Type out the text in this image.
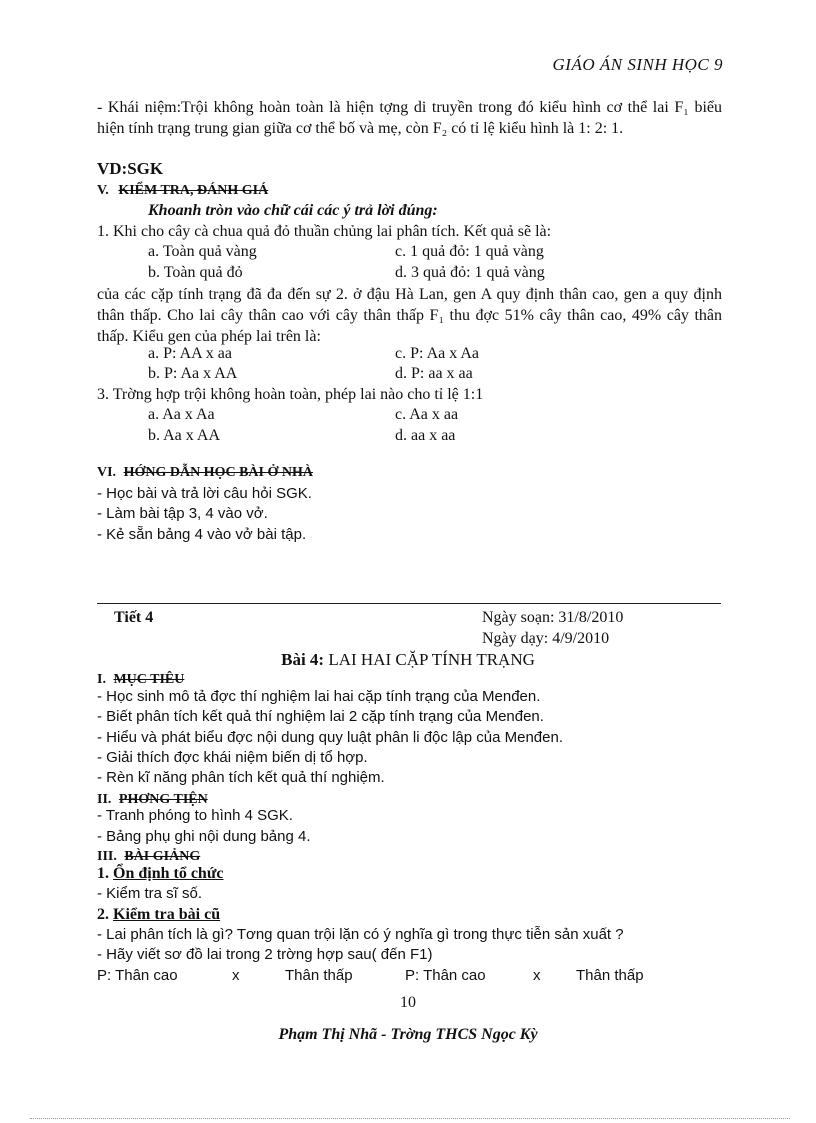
GIÁO ÁN SINH HỌC 9
- Khái niệm:Trội không hoàn toàn là hiện tợng di truyền trong đó kiểu hình cơ thể lai F₁ biểu hiện tính trạng trung gian giữa cơ thể bố và mẹ, còn F₂ có tỉ lệ kiểu hình là 1: 2: 1.
VD:SGK
V. KIỂM TRA, ĐÁNH GIÁ
Khoanh tròn vào chữ cái các ý trả lời đúng:
1. Khi cho cây cà chua quả đỏ thuần chủng lai phân tích. Kết quả sẽ là:
a. Toàn quả vàng	c. 1 quả đỏ: 1 quả vàng
b. Toàn quả đỏ	d. 3 quả đỏ: 1 quả vàng
của các cặp tính trạng đã đa đến sự 2. ở đậu Hà Lan, gen A quy định thân cao, gen a quy định thân thấp. Cho lai cây thân cao với cây thân thấp F₁ thu đợc 51% cây thân cao, 49% cây thân thấp. Kiểu gen của phép lai trên là:
a. P: AA x aa	c. P: Aa x Aa
b. P: Aa x AA	d. P: aa x aa
3. Trờng hợp trội không hoàn toàn, phép lai nào cho tỉ lệ 1:1
a. Aa x Aa	c. Aa x aa
b. Aa x AA	d. aa x aa
VI. HỚNG DẪN HỌC BÀI Ở NHÀ
- Học bài và trả lời câu hỏi SGK.
- Làm bài tập 3, 4 vào vở.
- Kẻ sẵn bảng 4 vào vở bài tập.
Tiết 4	Ngày soạn: 31/8/2010
Ngày dạy: 4/9/2010
Bài 4: LAI HAI CẶP TÍNH TRẠNG
I. MỤC TIÊU
- Học sinh mô tả đợc thí nghiệm lai hai cặp tính trạng của Menđen.
- Biết phân tích kết quả thí nghiệm lai 2 cặp tính trạng của Menđen.
- Hiểu và phát biểu đợc nội dung quy luật phân li độc lập của Menđen.
- Giải thích đợc khái niệm biến dị tổ hợp.
- Rèn kĩ năng phân tích kết quả thí nghiệm.
II. PHƠNG TIỆN
- Tranh phóng to hình 4 SGK.
- Bảng phụ ghi nội dung bảng 4.
III. BÀI GIẢNG
1. Ổn định tổ chức
- Kiểm tra sĩ số.
2. Kiểm tra bài cũ
- Lai phân tích là gì? Tơng quan trội lặn có ý nghĩa gì trong thực tiễn sản xuất ?
- Hãy viết sơ đồ lai trong 2 trờng hợp sau( đến F1)
P: Thân cao	x	Thân thấp	P: Thân cao	x Thân thấp
10
Phạm Thị Nhã - Trờng THCS Ngọc Kỳ
